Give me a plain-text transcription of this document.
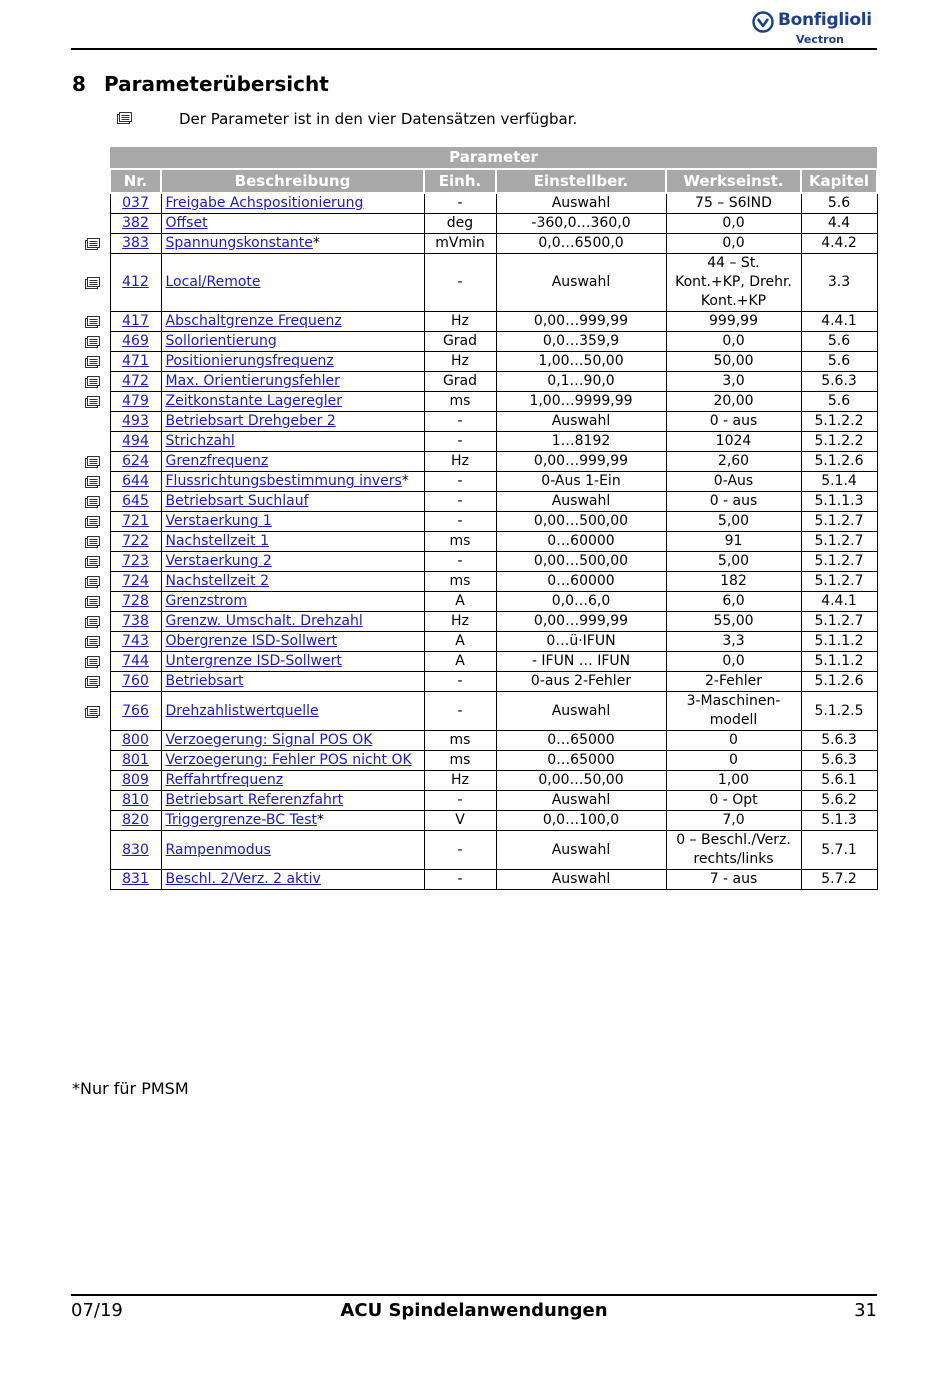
Bonfiglioli
Vectron
8 Parameterübersicht
Der Parameter ist in den vier Datensätzen verfügbar.
Parameter					
Nr.	Beschreibung	Einh.	Einstellber.	Werkseinst.	Kapitel
037	Freigabe Achspositionierung	-	Auswahl	75 – S6IND	5.6
382	Offset	deg	-360,0…360,0	0,0	4.4
383	Spannungskonstante*	mVmin	0,0…6500,0	0,0	4.4.2
412	Local/Remote	-	Auswahl	44 – St. Kont.+KP, Drehr. Kont.+KP	3.3
417	Abschaltgrenze Frequenz	Hz	0,00…999,99	999,99	4.4.1
469	Sollorientierung	Grad	0,0…359,9	0,0	5.6
471	Positionierungsfrequenz	Hz	1,00…50,00	50,00	5.6
472	Max. Orientierungsfehler	Grad	0,1…90,0	3,0	5.6.3
479	Zeitkonstante Lageregler	ms	1,00…9999,99	20,00	5.6
493	Betriebsart Drehgeber 2	-	Auswahl	0 - aus	5.1.2.2
494	Strichzahl	-	1…8192	1024	5.1.2.2
624	Grenzfrequenz	Hz	0,00…999,99	2,60	5.1.2.6
644	Flussrichtungsbestimmung invers*	-	0-Aus 1-Ein	0-Aus	5.1.4
645	Betriebsart Suchlauf	-	Auswahl	0 - aus	5.1.1.3
721	Verstaerkung 1	-	0,00…500,00	5,00	5.1.2.7
722	Nachstellzeit 1	ms	0…60000	91	5.1.2.7
723	Verstaerkung 2	-	0,00…500,00	5,00	5.1.2.7
724	Nachstellzeit 2	ms	0…60000	182	5.1.2.7
728	Grenzstrom	A	0,0…6,0	6,0	4.4.1
738	Grenzw. Umschalt. Drehzahl	Hz	0,00…999,99	55,00	5.1.2.7
743	Obergrenze ISD-Sollwert	A	0…ü·IFUN	3,3	5.1.1.2
744	Untergrenze ISD-Sollwert	A	- IFUN … IFUN	0,0	5.1.1.2
760	Betriebsart	-	0-aus 2-Fehler	2-Fehler	5.1.2.6
766	Drehzahlistwertquelle	-	Auswahl	3-Maschinen-modell	5.1.2.5
800	Verzoegerung: Signal POS OK	ms	0…65000	0	5.6.3
801	Verzoegerung: Fehler POS nicht OK	ms	0…65000	0	5.6.3
809	Reffahrtfrequenz	Hz	0,00…50,00	1,00	5.6.1
810	Betriebsart Referenzfahrt	-	Auswahl	0 - Opt	5.6.2
820	Triggergrenze-BC Test*	V	0,0…100,0	7,0	5.1.3
830	Rampenmodus	-	Auswahl	0 – Beschl./Verz. rechts/links	5.7.1
831	Beschl. 2/Verz. 2 aktiv	-	Auswahl	7 - aus	5.7.2
*Nur für PMSM
07/19	ACU Spindelanwendungen	31
